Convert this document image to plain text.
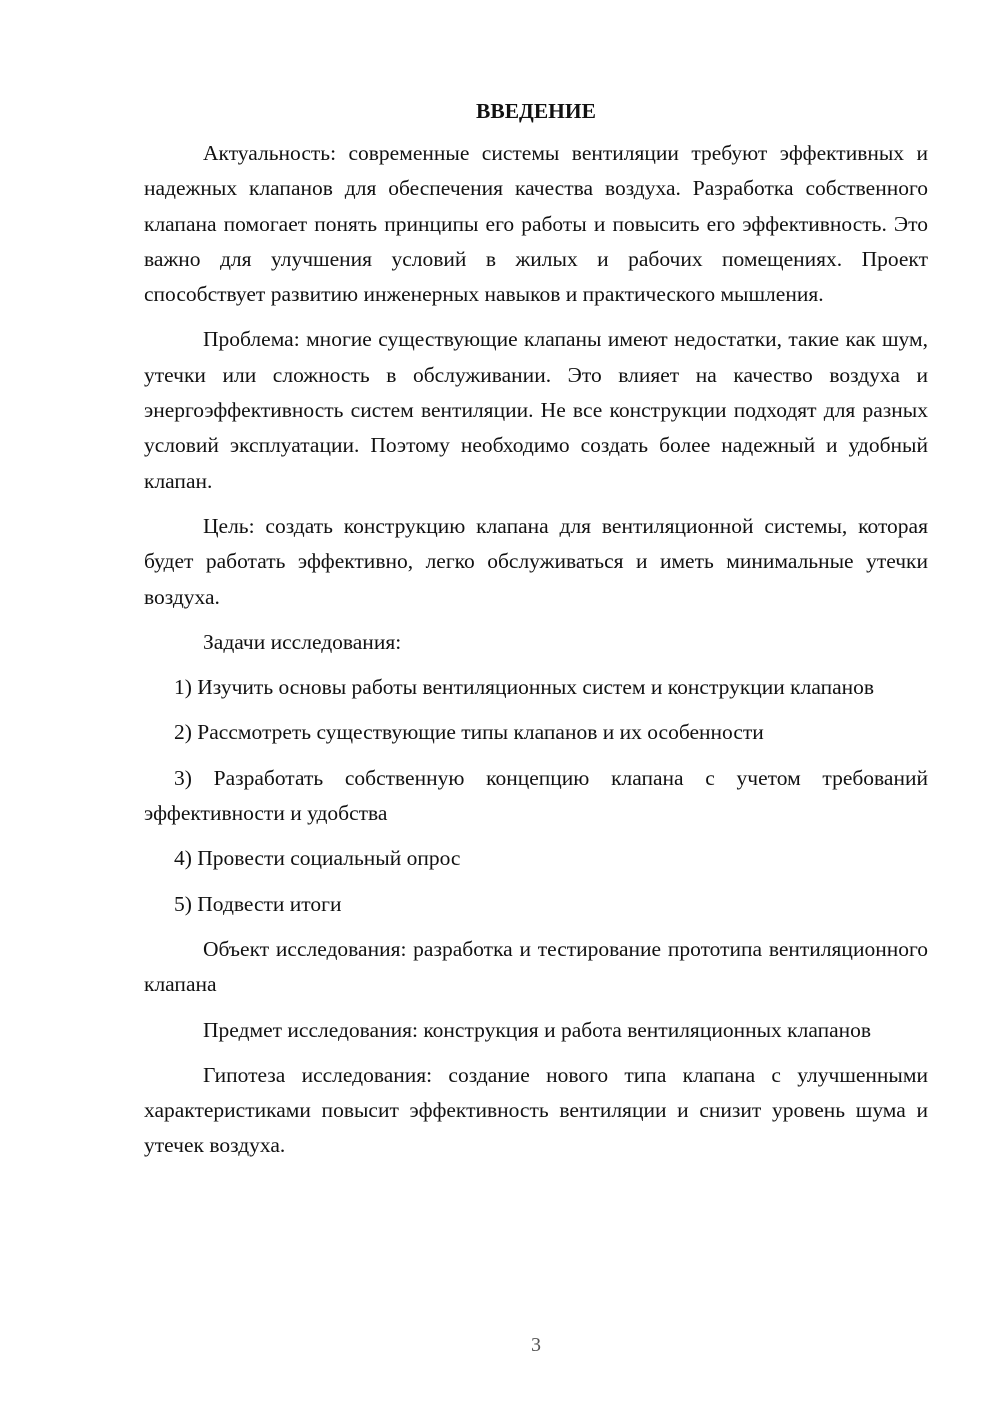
ВВЕДЕНИЕ

Актуальность: современные системы вентиляции требуют эффективных и надежных клапанов для обеспечения качества воздуха. Разработка собственного клапана помогает понять принципы его работы и повысить его эффективность. Это важно для улучшения условий в жилых и рабочих помещениях. Проект способствует развитию инженерных навыков и практического мышления.

Проблема: многие существующие клапаны имеют недостатки, такие как шум, утечки или сложность в обслуживании. Это влияет на качество воздуха и энергоэффективность систем вентиляции. Не все конструкции подходят для разных условий эксплуатации. Поэтому необходимо создать более надежный и удобный клапан.

Цель: создать конструкцию клапана для вентиляционной системы, которая будет работать эффективно, легко обслуживаться и иметь минимальные утечки воздуха.

Задачи исследования:

1) Изучить основы работы вентиляционных систем и конструкции клапанов

2) Рассмотреть существующие типы клапанов и их особенности

3) Разработать собственную концепцию клапана с учетом требований эффективности и удобства

4) Провести социальный опрос

5) Подвести итоги

Объект исследования: разработка и тестирование прототипа вентиляционного клапана

Предмет исследования: конструкция и работа вентиляционных клапанов

Гипотеза исследования: создание нового типа клапана с улучшенными характеристиками повысит эффективность вентиляции и снизит уровень шума и утечек воздуха.

3
